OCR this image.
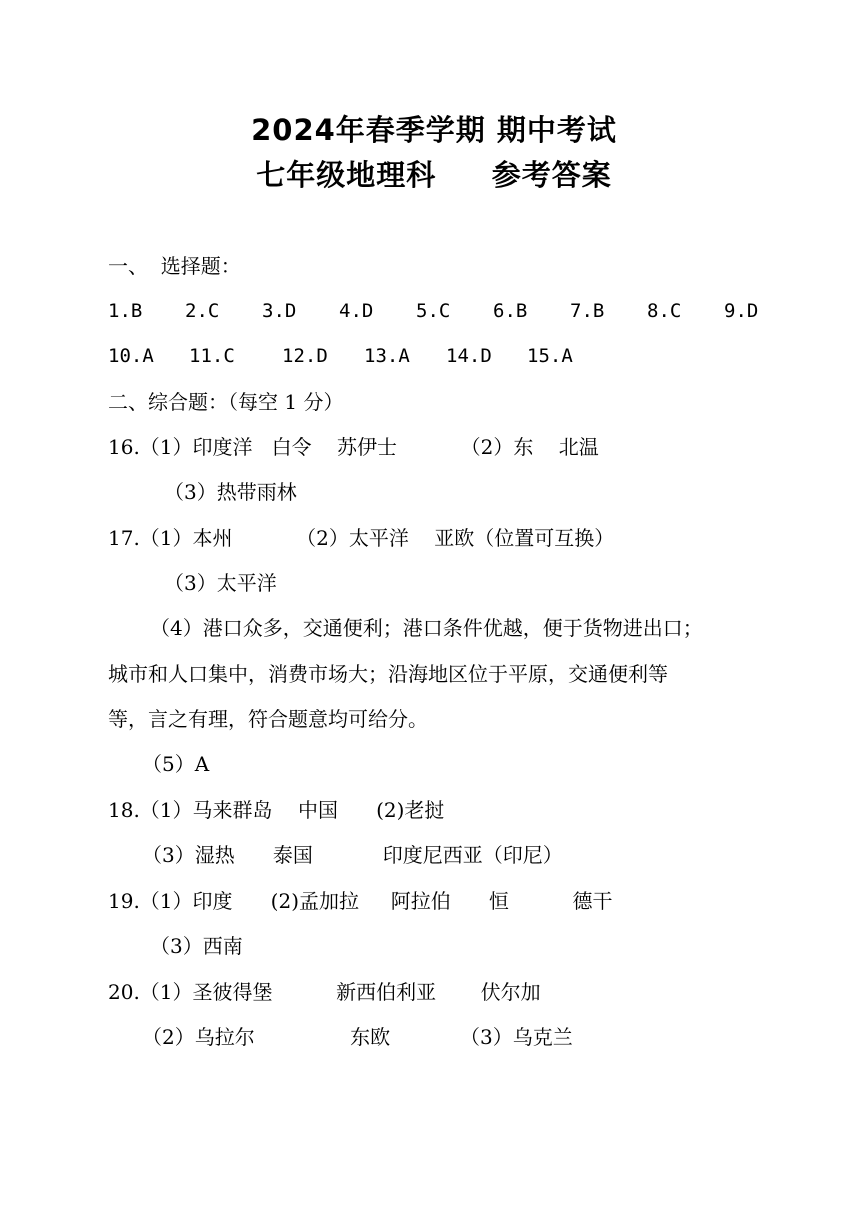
2024年春季学期 期中考试
七年级地理科     参考答案
一、  选择题：
1.B 2.C 3.D 4.D 5.C 6.B 7.B 8.C 9.D
10.A 11.C 12.D 13.A 14.D 15.A
二、综合题：（每空 1 分）
16.（1）印度洋   白令    苏伊士          （2）东    北温
（3）热带雨林
17.（1）本州          （2）太平洋    亚欧（位置可互换）
（3）太平洋
（4）港口众多，交通便利；港口条件优越，便于货物进出口；
城市和人口集中，消费市场大；沿海地区位于平原，交通便利等
等，言之有理，符合题意均可给分。
（5）A
18.（1）马来群岛    中国      (2)老挝
（3）湿热      泰国           印度尼西亚（印尼）
19.（1）印度      (2)孟加拉     阿拉伯      恒          德干
（3）西南
20.（1）圣彼得堡          新西伯利亚       伏尔加
（2）乌拉尔               东欧           （3）乌克兰
